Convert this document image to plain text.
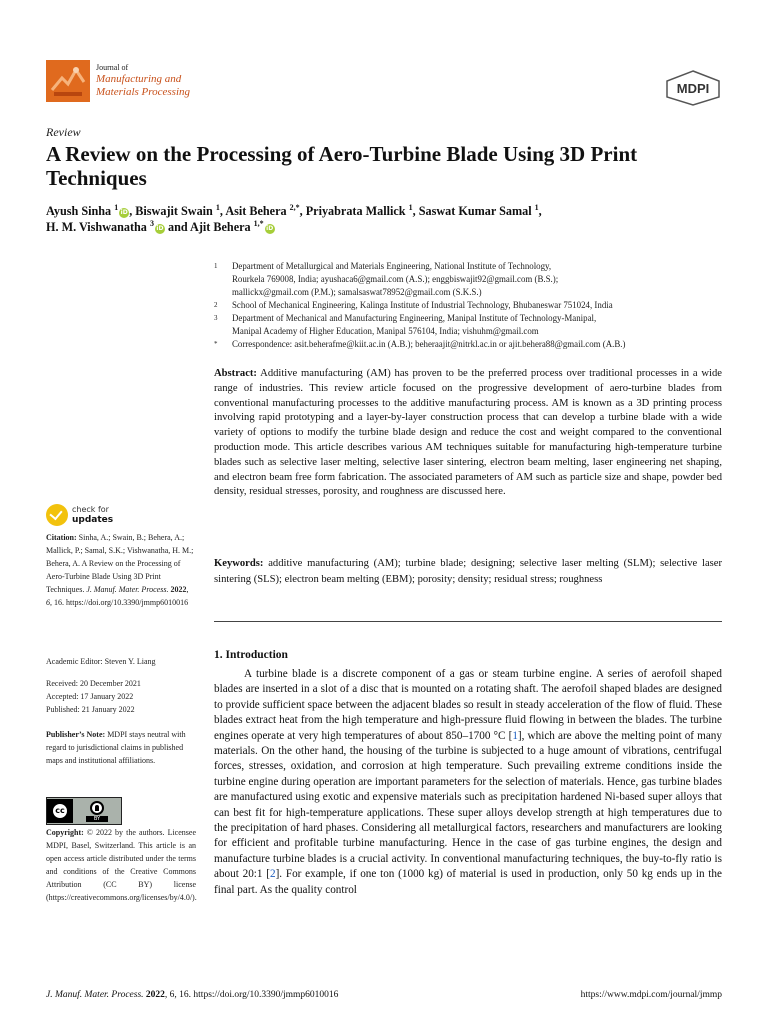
Journal of
Manufacturing and
Materials Processing	MDPI
Review
A Review on the Processing of Aero-Turbine Blade Using 3D Print Techniques
Ayush Sinha $^1$iD, Biswajit Swain $^1$, Asit Behera $^{2,*}$, Priyabrata Mallick $^1$, Saswat Kumar Samal $^1$,
H. M. Vishwanatha $^3$iD and Ajit Behera $^{1,*}$iD
1	Department of Metallurgical and Materials Engineering, National Institute of Technology,
Rourkela 769008, India; ayushaca6@gmail.com (A.S.); enggbiswajit92@gmail.com (B.S.);
mallickx@gmail.com (P.M.); samalsaswat78952@gmail.com (S.K.S.)
2	School of Mechanical Engineering, Kalinga Institute of Industrial Technology, Bhubaneswar 751024, India
3	Department of Mechanical and Manufacturing Engineering, Manipal Institute of Technology-Manipal,
Manipal Academy of Higher Education, Manipal 576104, India; vishuhm@gmail.com
*	Correspondence: asit.beherafme@kiit.ac.in (A.B.); beheraajit@nitrkl.ac.in or ajit.behera88@gmail.com (A.B.)
Abstract: Additive manufacturing (AM) has proven to be the preferred process over traditional processes in a wide range of industries. This review article focused on the progressive development of aero-turbine blades from conventional manufacturing processes to the additive manufacturing process. AM is known as a 3D printing process involving rapid prototyping and a layer-by-layer construction process that can develop a turbine blade with a wide variety of options to modify the turbine blade design and reduce the cost and weight compared to the conventional production mode. This article describes various AM techniques suitable for manufacturing high-temperature turbine blades such as selective laser melting, selective laser sintering, electron beam melting, laser engineering net shaping, and electron beam free form fabrication. The associated parameters of AM such as particle size and shape, powder bed density, residual stresses, porosity, and roughness are discussed here.
Keywords: additive manufacturing (AM); turbine blade; designing; selective laser melting (SLM); selective laser sintering (SLS); electron beam melting (EBM); porosity; density; residual stress; roughness
1. Introduction

A turbine blade is a discrete component of a gas or steam turbine engine. A series of aerofoil shaped blades are inserted in a slot of a disc that is mounted on a rotating shaft. The aerofoil shaped blades are designed to provide sufficient space between the adjacent blades so result in steady acceleration of the flow of fluid. These blades extract heat from the high temperature and high-pressure fluid flowing in between the blades. The turbine engines operate at very high temperatures of about 850–1700 °C [1], which are above the melting point of many materials. On the other hand, the housing of the turbine is subjected to a huge amount of vibrations, centrifugal forces, stresses, oxidation, and corrosion at high temperature. Such prevailing extreme conditions inside the turbine engine during operation are important parameters for the selection of materials. Hence, gas turbine blades are manufactured using exotic and expensive materials such as precipitation hardened Ni-based super alloys that can best fit for high-temperature applications. These super alloys develop strength at high temperatures due to the precipitation of hard phases. Considering all metallurgical factors, researchers and manufacturers are looking for efficient and profitable turbine manufacturing. Hence in the case of gas turbine engines, the design and manufacture turbine blades is a crucial activity. In conventional manufacturing techniques, the buy-to-fly ratio is about 20:1 [2]. For example, if one ton (1000 kg) of material is used in production, only 50 kg ends up in the final part. As the quality control

check for
updates
Citation: Sinha, A.; Swain, B.; Behera, A.; Mallick, P.; Samal, S.K.; Vishwanatha, H. M.; Behera, A. A Review on the Processing of Aero-Turbine Blade Using 3D Print Techniques. J. Manuf. Mater. Process. 2022, 6, 16. https://doi.org/10.3390/jmmp6010016
Academic Editor: Steven Y. Liang
Received: 20 December 2021
Accepted: 17 January 2022
Published: 21 January 2022
Publisher’s Note: MDPI stays neutral with regard to jurisdictional claims in published maps and institutional affiliations.
cc
BY
Copyright: © 2022 by the authors. Licensee MDPI, Basel, Switzerland. This article is an open access article distributed under the terms and conditions of the Creative Commons Attribution (CC BY) license (https://creativecommons.org/licenses/by/4.0/).
J. Manuf. Mater. Process. 2022, 6, 16. https://doi.org/10.3390/jmmp6010016	https://www.mdpi.com/journal/jmmp
